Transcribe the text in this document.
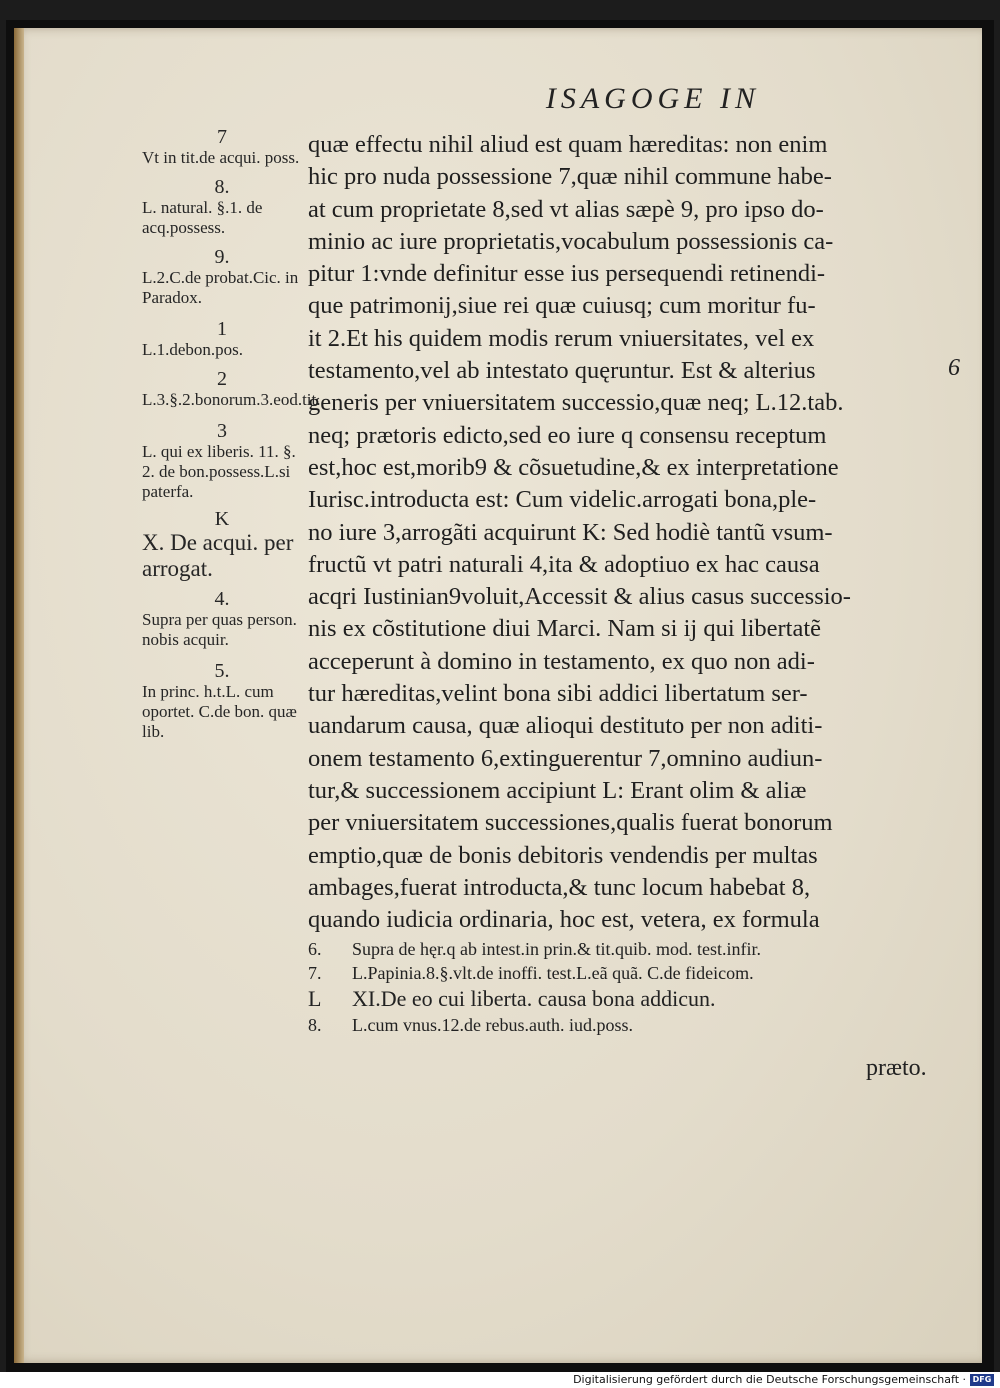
ISAGOGE IN
7
Vt in tit.de acqui. poss.
8.
L. natural. §.1. de acq.possess.
9.
L.2.C.de probat.Cic. in Paradox.
1
L.1.debon.pos.
2
L.3.§.2.bonorum.3.eod.tit.
3
L. qui ex liberis. 11. §. 2. de bon.possess.L.si paterfa.
K
X. De acqui. per arrogat.
4.
Supra per quas person. nobis acquir.
5.
In princ. h.t.L. cum oportet. C.de bon. quæ lib.
quæ effectu nihil aliud est quam hæreditas: non enim
hic pro nuda possessione 7,quæ nihil commune habe-
at cum proprietate 8,sed vt alias sæpè 9, pro ipso do-
minio ac iure proprietatis,vocabulum possessionis ca-
pitur 1:vnde definitur esse ius persequendi retinendi-
que patrimonij,siue rei quæ cuiusq; cum moritur fu-
it 2.Et his quidem modis rerum vniuersitates, vel ex
testamento,vel ab intestato quęruntur. Est & alterius
generis per vniuersitatem successio,quæ neq; L.12.tab.
neq; prætoris edicto,sed eo iure q consensu receptum
est,hoc est,morib9 & cõsuetudine,& ex interpretatione
Iurisc.introducta est: Cum videlic.arrogati bona,ple-
no iure 3,arrogãti acquirunt K: Sed hodiè tantũ vsum-
fructũ vt patri naturali 4,ita & adoptiuo ex hac causa
acqri Iustinian9voluit,Accessit & alius casus successio-
nis ex cõstitutione diui Marci. Nam si ij qui libertatẽ
acceperunt à domino in testamento, ex quo non adi-
tur hæreditas,velint bona sibi addici libertatum ser-
uandarum causa, quæ alioqui destituto per non aditi-
onem testamento 6,extinguerentur 7,omnino audiun-
tur,& successionem accipiunt L: Erant olim & aliæ
per vniuersitatem successiones,qualis fuerat bonorum
emptio,quæ de bonis debitoris vendendis per multas
ambages,fuerat introducta,& tunc locum habebat 8,
quando iudicia ordinaria, hoc est, vetera, ex formula
6
6.	Supra de hęr.q ab intest.in prin.& tit.quib. mod. test.infir.
7.	L.Papinia.8.§.vlt.de inoffi. test.L.eã quã. C.de fideicom.
L	XI.De eo cui liberta. causa bona addicun.
8.	L.cum vnus.12.de rebus.auth. iud.poss.
præto.
Digitalisierung gefördert durch die Deutsche Forschungsgemeinschaft · DFG
